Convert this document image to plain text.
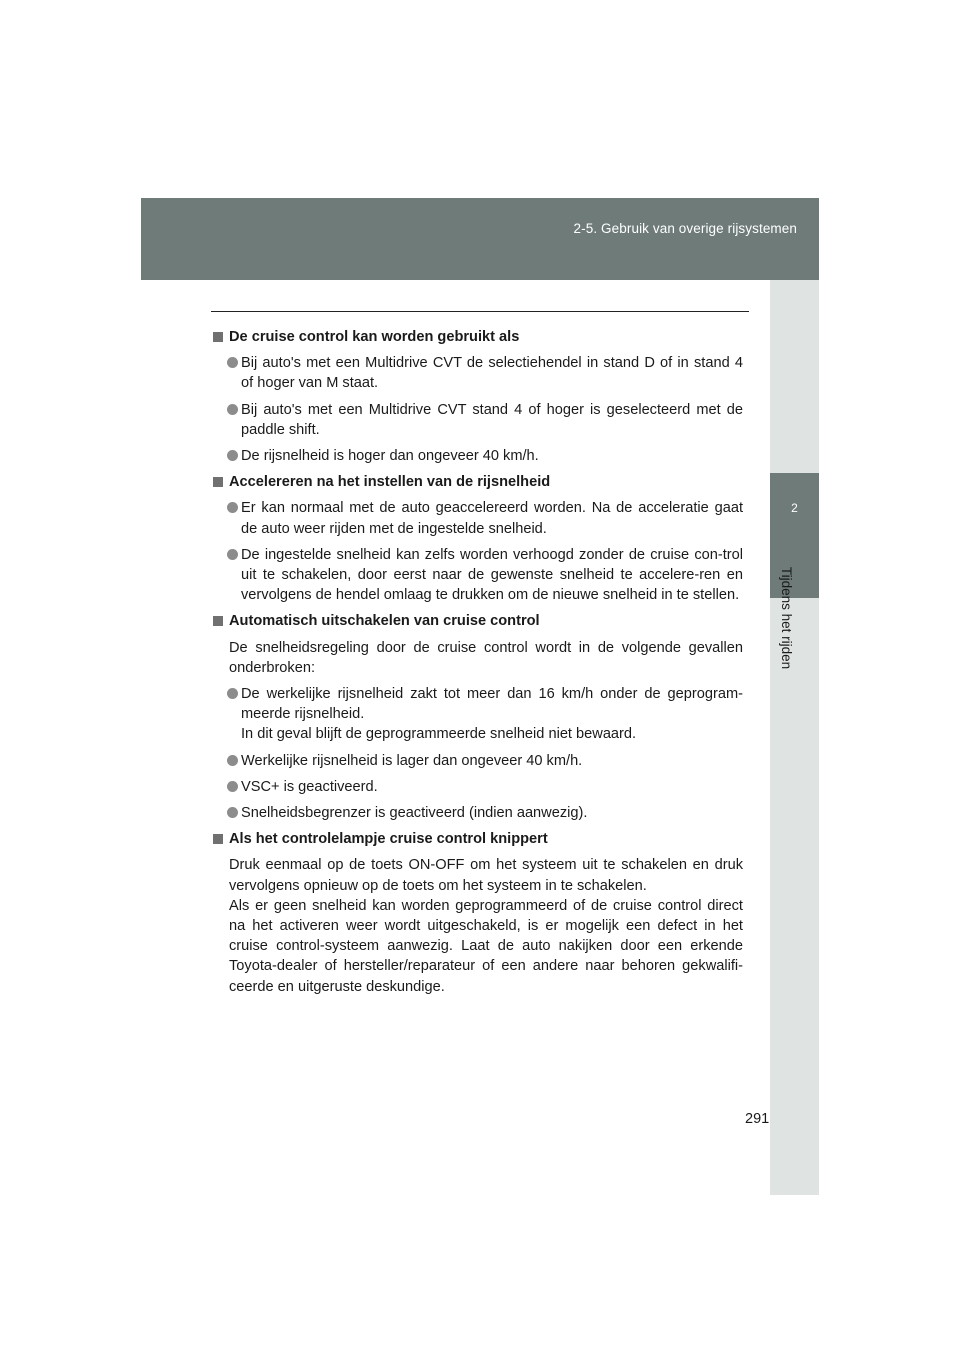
2-5. Gebruik van overige rijsystemen
2
Tijdens het rijden
De cruise control kan worden gebruikt als
Bij auto's met een Multidrive CVT de selectiehendel in stand D of in stand 4 of hoger van M staat.
Bij auto's met een Multidrive CVT stand 4 of hoger is geselecteerd met de paddle shift.
De rijsnelheid is hoger dan ongeveer 40 km/h.
Accelereren na het instellen van de rijsnelheid
Er kan normaal met de auto geaccelereerd worden. Na de acceleratie gaat de auto weer rijden met de ingestelde snelheid.
De ingestelde snelheid kan zelfs worden verhoogd zonder de cruise con-trol uit te schakelen, door eerst naar de gewenste snelheid te accelere-ren en vervolgens de hendel omlaag te drukken om de nieuwe snelheid in te stellen.
Automatisch uitschakelen van cruise control
De snelheidsregeling door de cruise control wordt in de volgende gevallen onderbroken:
De werkelijke rijsnelheid zakt tot meer dan 16 km/h onder de geprogram-meerde rijsnelheid.
In dit geval blijft de geprogrammeerde snelheid niet bewaard.
Werkelijke rijsnelheid is lager dan ongeveer 40 km/h.
VSC+ is geactiveerd.
Snelheidsbegrenzer is geactiveerd (indien aanwezig).
Als het controlelampje cruise control knippert
Druk eenmaal op de toets ON-OFF om het systeem uit te schakelen en druk vervolgens opnieuw op de toets om het systeem in te schakelen.
Als er geen snelheid kan worden geprogrammeerd of de cruise control direct na het activeren weer wordt uitgeschakeld, is er mogelijk een defect in het cruise control-systeem aanwezig. Laat de auto nakijken door een erkende Toyota-dealer of hersteller/reparateur of een andere naar behoren gekwalifi-ceerde en uitgeruste deskundige.
291
